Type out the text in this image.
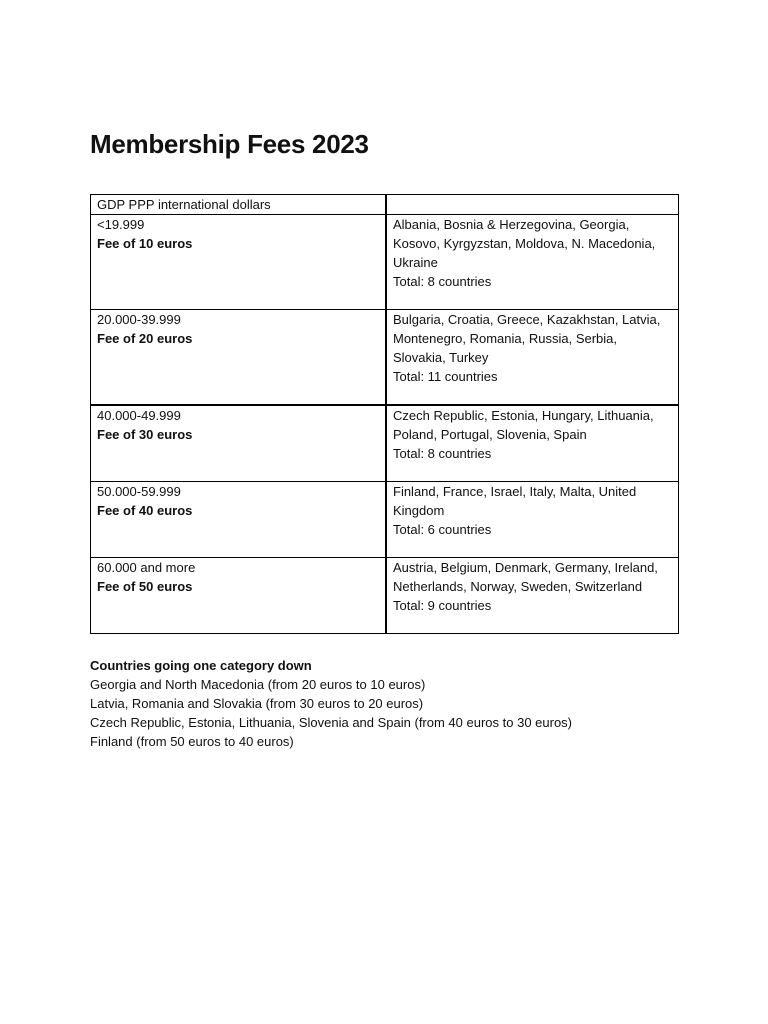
Membership Fees 2023
GDP PPP international dollars	

<19.999
Fee of 10 euros	Albania, Bosnia & Herzegovina, Georgia,
Kosovo, Kyrgyzstan, Moldova, N. Macedonia,
Ukraine
Total: 8 countries

20.000-39.999
Fee of 20 euros	Bulgaria, Croatia, Greece, Kazakhstan, Latvia,
Montenegro, Romania, Russia, Serbia,
Slovakia, Turkey
Total: 11 countries

40.000-49.999
Fee of 30 euros	Czech Republic, Estonia, Hungary, Lithuania,
Poland, Portugal, Slovenia, Spain
Total: 8 countries

50.000-59.999
Fee of 40 euros	Finland, France, Israel, Italy, Malta, United
Kingdom
Total: 6 countries

60.000 and more
Fee of 50 euros	Austria, Belgium, Denmark, Germany, Ireland,
Netherlands, Norway, Sweden, Switzerland
Total: 9 countries
Countries going one category down
Georgia and North Macedonia (from 20 euros to 10 euros)
Latvia, Romania and Slovakia (from 30 euros to 20 euros)
Czech Republic, Estonia, Lithuania, Slovenia and Spain (from 40 euros to 30 euros)
Finland (from 50 euros to 40 euros)
